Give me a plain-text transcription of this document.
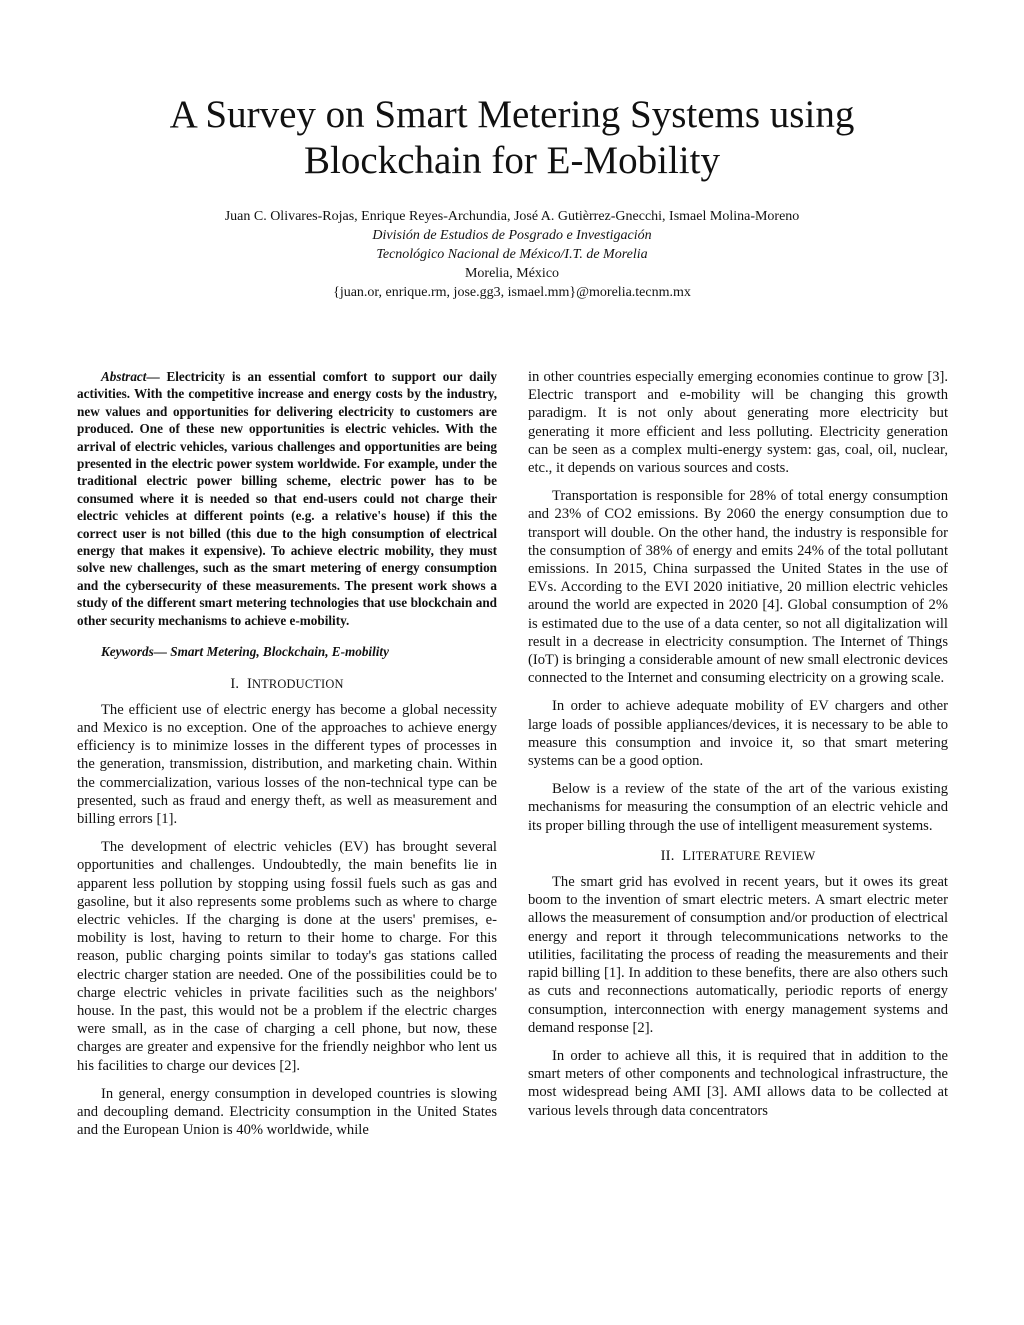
A Survey on Smart Metering Systems using
Blockchain for E-Mobility
Juan C. Olivares-Rojas, Enrique Reyes-Archundia, José A. Gutièrrez-Gnecchi, Ismael Molina-Moreno
División de Estudios de Posgrado e Investigación
Tecnológico Nacional de México/I.T. de Morelia
Morelia, México
{juan.or, enrique.rm, jose.gg3, ismael.mm}@morelia.tecnm.mx

Abstract— Electricity is an essential comfort to support our daily activities. With the competitive increase and energy costs by the industry, new values and opportunities for delivering electricity to customers are produced. One of these new opportunities is electric vehicles. With the arrival of electric vehicles, various challenges and opportunities are being presented in the electric power system worldwide. For example, under the traditional electric power billing scheme, electric power has to be consumed where it is needed so that end-users could not charge their electric vehicles at different points (e.g. a relative's house) if this the correct user is not billed (this due to the high consumption of electrical energy that makes it expensive). To achieve electric mobility, they must solve new challenges, such as the smart metering of energy consumption and the cybersecurity of these measurements. The present work shows a study of the different smart metering technologies that use blockchain and other security mechanisms to achieve e-mobility.

Keywords— Smart Metering, Blockchain, E-mobility

I. INTRODUCTION

The efficient use of electric energy has become a global necessity and Mexico is no exception. One of the approaches to achieve energy efficiency is to minimize losses in the different types of processes in the generation, transmission, distribution, and marketing chain. Within the commercialization, various losses of the non-technical type can be presented, such as fraud and energy theft, as well as measurement and billing errors [1].

The development of electric vehicles (EV) has brought several opportunities and challenges. Undoubtedly, the main benefits lie in apparent less pollution by stopping using fossil fuels such as gas and gasoline, but it also represents some problems such as where to charge electric vehicles. If the charging is done at the users' premises, e-mobility is lost, having to return to their home to charge. For this reason, public charging points similar to today's gas stations called electric charger station are needed. One of the possibilities could be to charge electric vehicles in private facilities such as the neighbors' house. In the past, this would not be a problem if the electric charges were small, as in the case of charging a cell phone, but now, these charges are greater and expensive for the friendly neighbor who lent us his facilities to charge our devices [2].

In general, energy consumption in developed countries is slowing and decoupling demand. Electricity consumption in the United States and the European Union is 40% worldwide, while

in other countries especially emerging economies continue to grow [3]. Electric transport and e-mobility will be changing this growth paradigm. It is not only about generating more electricity but generating it more efficient and less polluting. Electricity generation can be seen as a complex multi-energy system: gas, coal, oil, nuclear, etc., it depends on various sources and costs.

Transportation is responsible for 28% of total energy consumption and 23% of CO2 emissions. By 2060 the energy consumption due to transport will double. On the other hand, the industry is responsible for the consumption of 38% of energy and emits 24% of the total pollutant emissions. In 2015, China surpassed the United States in the use of EVs. According to the EVI 2020 initiative, 20 million electric vehicles around the world are expected in 2020 [4]. Global consumption of 2% is estimated due to the use of a data center, so not all digitalization will result in a decrease in electricity consumption. The Internet of Things (IoT) is bringing a considerable amount of new small electronic devices connected to the Internet and consuming electricity on a growing scale.

In order to achieve adequate mobility of EV chargers and other large loads of possible appliances/devices, it is necessary to be able to measure this consumption and invoice it, so that smart metering systems can be a good option.

Below is a review of the state of the art of the various existing mechanisms for measuring the consumption of an electric vehicle and its proper billing through the use of intelligent measurement systems.

II. LITERATURE REVIEW

The smart grid has evolved in recent years, but it owes its great boom to the invention of smart electric meters. A smart electric meter allows the measurement of consumption and/or production of electrical energy and report it through telecommunications networks to the utilities, facilitating the process of reading the measurements and their rapid billing [1]. In addition to these benefits, there are also others such as cuts and reconnections automatically, periodic reports of energy consumption, interconnection with energy management systems and demand response [2].

In order to achieve all this, it is required that in addition to the smart meters of other components and technological infrastructure, the most widespread being AMI [3]. AMI allows data to be collected at various levels through data concentrators
